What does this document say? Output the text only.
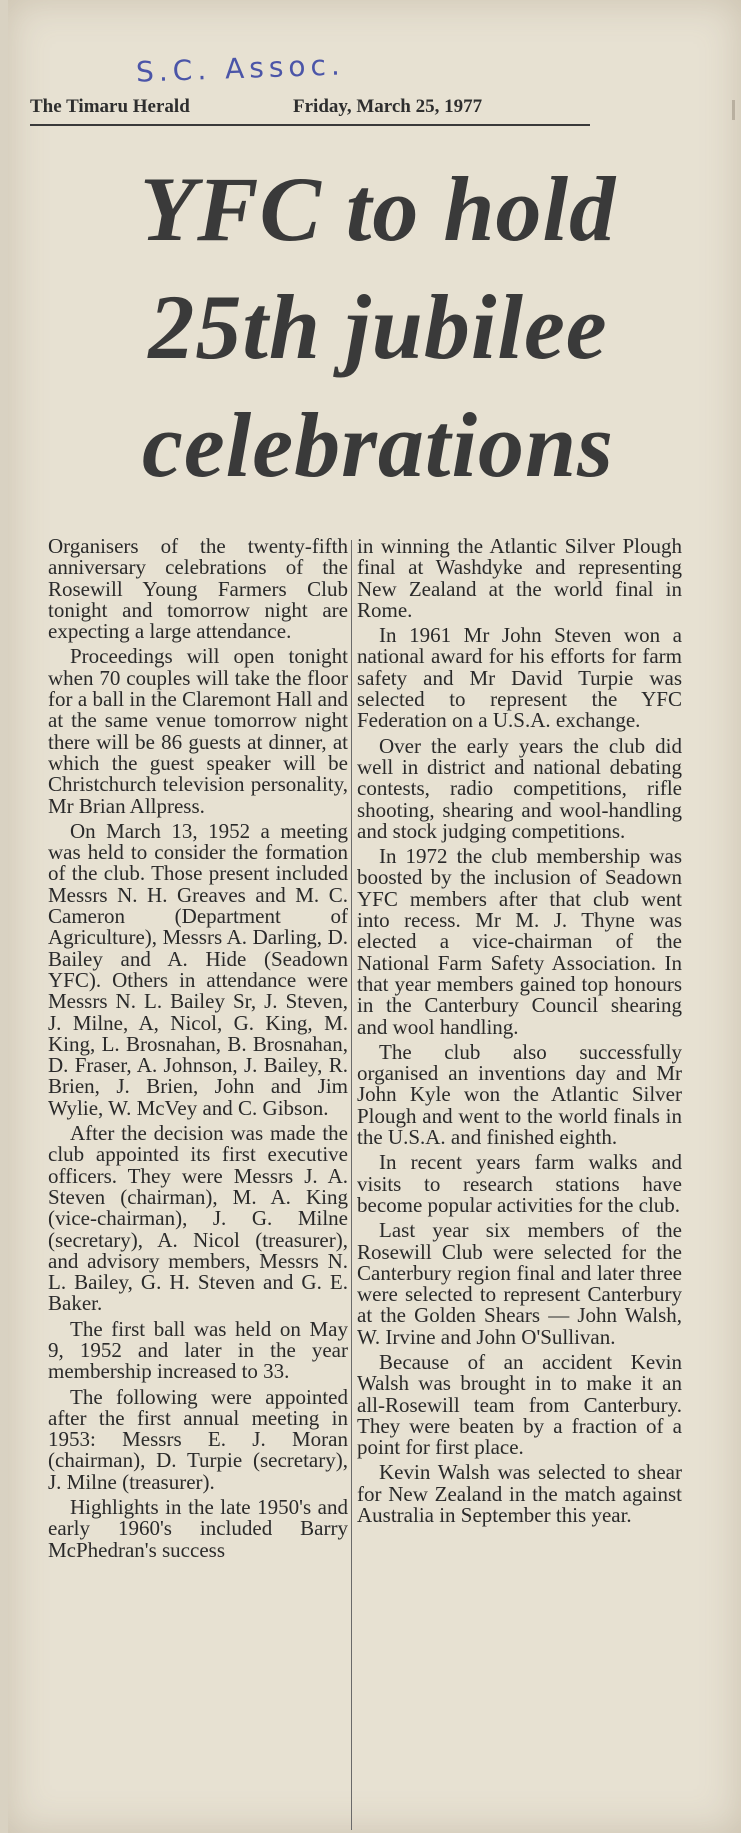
S.C. Assoc.
The Timaru Herald	Friday, March 25, 1977
YFC to hold 25th jubilee celebrations

Organisers of the twenty-fifth anniversary celebrations of the Rosewill Young Farmers Club tonight and tomorrow night are expecting a large attendance.

Proceedings will open tonight when 70 couples will take the floor for a ball in the Claremont Hall and at the same venue tomorrow night there will be 86 guests at dinner, at which the guest speaker will be Christchurch television personality, Mr Brian Allpress.

On March 13, 1952 a meeting was held to consider the formation of the club. Those present included Messrs N. H. Greaves and M. C. Cameron (Department of Agriculture), Messrs A. Darling, D. Bailey and A. Hide (Seadown YFC). Others in attendance were Messrs N. L. Bailey Sr, J. Steven, J. Milne, A, Nicol, G. King, M. King, L. Brosnahan, B. Brosnahan, D. Fraser, A. Johnson, J. Bailey, R. Brien, J. Brien, John and Jim Wylie, W. McVey and C. Gibson.

After the decision was made the club appointed its first executive officers. They were Messrs J. A. Steven (chairman), M. A. King (vice-chairman), J. G. Milne (secretary), A. Nicol (treasurer), and advisory members, Messrs N. L. Bailey, G. H. Steven and G. E. Baker.

The first ball was held on May 9, 1952 and later in the year membership increased to 33.

The following were appointed after the first annual meeting in 1953: Messrs E. J. Moran (chairman), D. Turpie (secretary), J. Milne (treasurer).

Highlights in the late 1950's and early 1960's included Barry McPhedran's success

in winning the Atlantic Silver Plough final at Washdyke and representing New Zealand at the world final in Rome.

In 1961 Mr John Steven won a national award for his efforts for farm safety and Mr David Turpie was selected to represent the YFC Federation on a U.S.A. exchange.

Over the early years the club did well in district and national debating contests, radio competitions, rifle shooting, shearing and wool-handling and stock judging competitions.

In 1972 the club membership was boosted by the inclusion of Seadown YFC members after that club went into recess. Mr M. J. Thyne was elected a vice-chairman of the National Farm Safety Association. In that year members gained top honours in the Canterbury Council shearing and wool handling.

The club also successfully organised an inventions day and Mr John Kyle won the Atlantic Silver Plough and went to the world finals in the U.S.A. and finished eighth.

In recent years farm walks and visits to research stations have become popular activities for the club.

Last year six members of the Rosewill Club were selected for the Canterbury region final and later three were selected to represent Canterbury at the Golden Shears — John Walsh, W. Irvine and John O'Sullivan.

Because of an accident Kevin Walsh was brought in to make it an all-Rosewill team from Canterbury. They were beaten by a fraction of a point for first place.

Kevin Walsh was selected to shear for New Zealand in the match against Australia in September this year.
